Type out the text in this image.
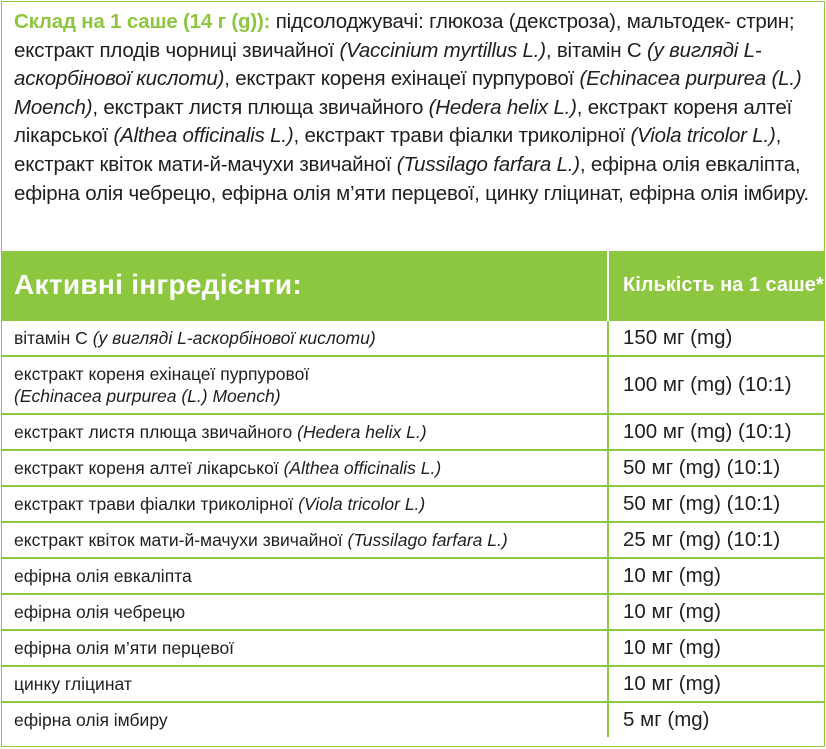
Склад на 1 саше (14 г (g)): підсолоджувачі: глюкоза (декстроза), мальтодек- стрин; екстракт плодів чорниці звичайної (Vaccinium myrtillus L.), вітамін С (у вигляді L-аскорбінової кислоти), екстракт кореня ехінацеї пурпурової (Echinacea purpurea (L.) Moench), екстракт листя плюща звичайного (Hedera helix L.), екстракт кореня алтеї лікарської (Althea officinalis L.), екстракт трави фіалки триколірної (Viola tricolor L.), екстракт квіток мати-й-мачухи звичайної (Tussilago farfara L.), ефірна олія евкаліпта, ефірна олія чебрецю, ефірна олія м’яти перцевої, цинку гліцинат, ефірна олія імбиру.
Активні інгредієнти:	Кількість на 1 саше*
вітамін С (у вигляді L-аскорбінової кислоти)	150 мг (mg)
екстракт кореня ехінацеї пурпурової
(Echinacea purpurea (L.) Moench)	100 мг (mg) (10:1)
екстракт листя плюща звичайного (Hedera helix L.)	100 мг (mg) (10:1)
екстракт кореня алтеї лікарської (Althea officinalis L.)	50 мг (mg) (10:1)
екстракт трави фіалки триколірної (Viola tricolor L.)	50 мг (mg) (10:1)
екстракт квіток мати-й-мачухи звичайної (Tussilago farfara L.)	25 мг (mg) (10:1)
ефірна олія евкаліпта	10 мг (mg)
ефірна олія чебрецю	10 мг (mg)
ефірна олія м’яти перцевої	10 мг (mg)
цинку гліцинат	10 мг (mg)
ефірна олія імбиру	5 мг (mg)
